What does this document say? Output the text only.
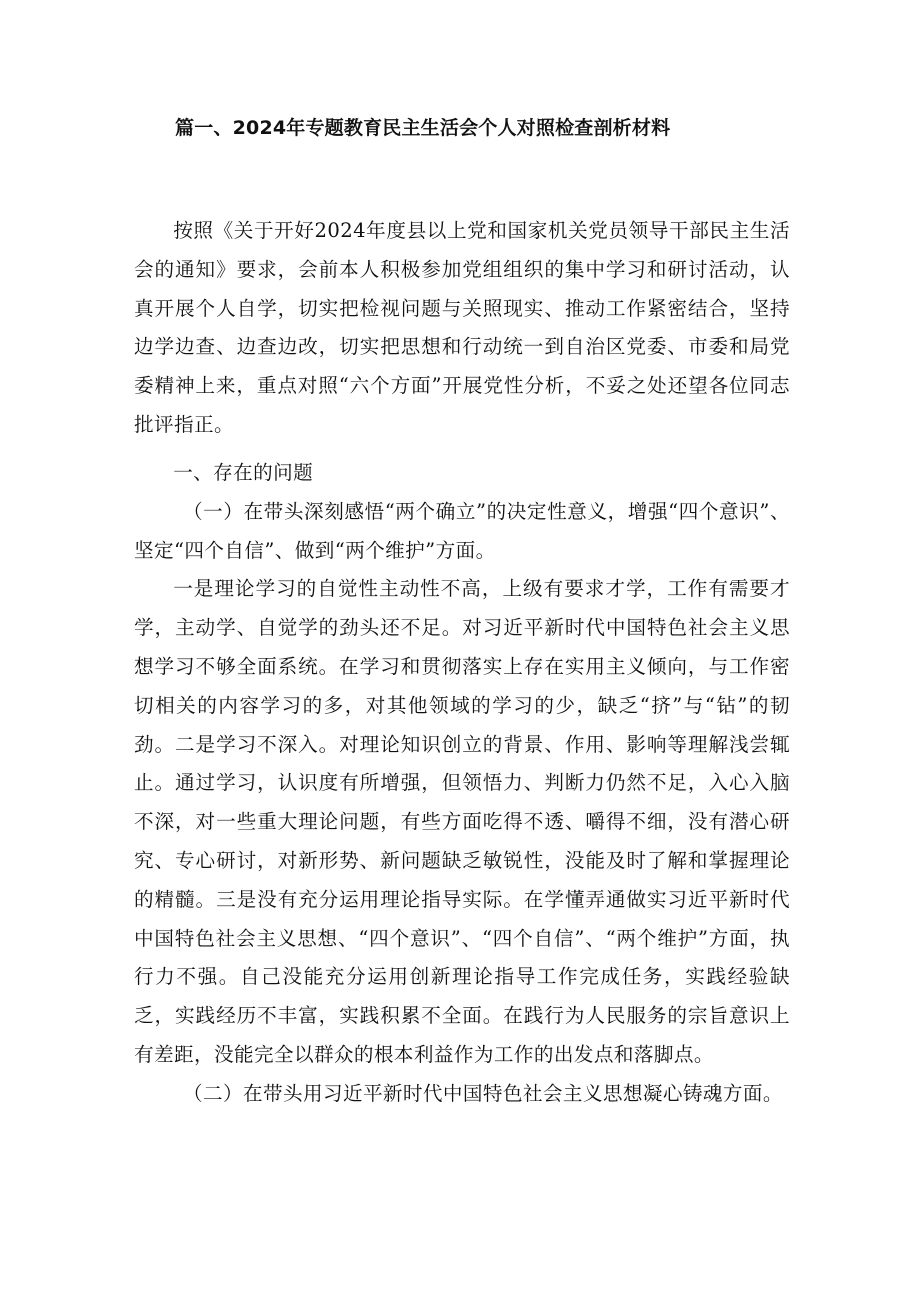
篇一、2024年专题教育民主生活会个人对照检查剖析材料

按照《关于开好2024年度县以上党和国家机关党员领导干部民主生活会的通知》要求，会前本人积极参加党组组织的集中学习和研讨活动，认真开展个人自学，切实把检视问题与关照现实、推动工作紧密结合，坚持边学边查、边查边改，切实把思想和行动统一到自治区党委、市委和局党委精神上来，重点对照“六个方面”开展党性分析，不妥之处还望各位同志批评指正。

一、存在的问题

（一）在带头深刻感悟“两个确立”的决定性意义，增强“四个意识”、坚定“四个自信”、做到“两个维护”方面。

一是理论学习的自觉性主动性不高，上级有要求才学，工作有需要才学，主动学、自觉学的劲头还不足。对习近平新时代中国特色社会主义思想学习不够全面系统。在学习和贯彻落实上存在实用主义倾向，与工作密切相关的内容学习的多，对其他领域的学习的少，缺乏“挤”与“钻”的韧劲。二是学习不深入。对理论知识创立的背景、作用、影响等理解浅尝辄止。通过学习，认识度有所增强，但领悟力、判断力仍然不足，入心入脑不深，对一些重大理论问题，有些方面吃得不透、嚼得不细，没有潜心研究、专心研讨，对新形势、新问题缺乏敏锐性，没能及时了解和掌握理论的精髓。三是没有充分运用理论指导实际。在学懂弄通做实习近平新时代中国特色社会主义思想、“四个意识”、“四个自信”、“两个维护”方面，执行力不强。自己没能充分运用创新理论指导工作完成任务，实践经验缺乏，实践经历不丰富，实践积累不全面。在践行为人民服务的宗旨意识上有差距，没能完全以群众的根本利益作为工作的出发点和落脚点。

（二）在带头用习近平新时代中国特色社会主义思想凝心铸魂方面。
